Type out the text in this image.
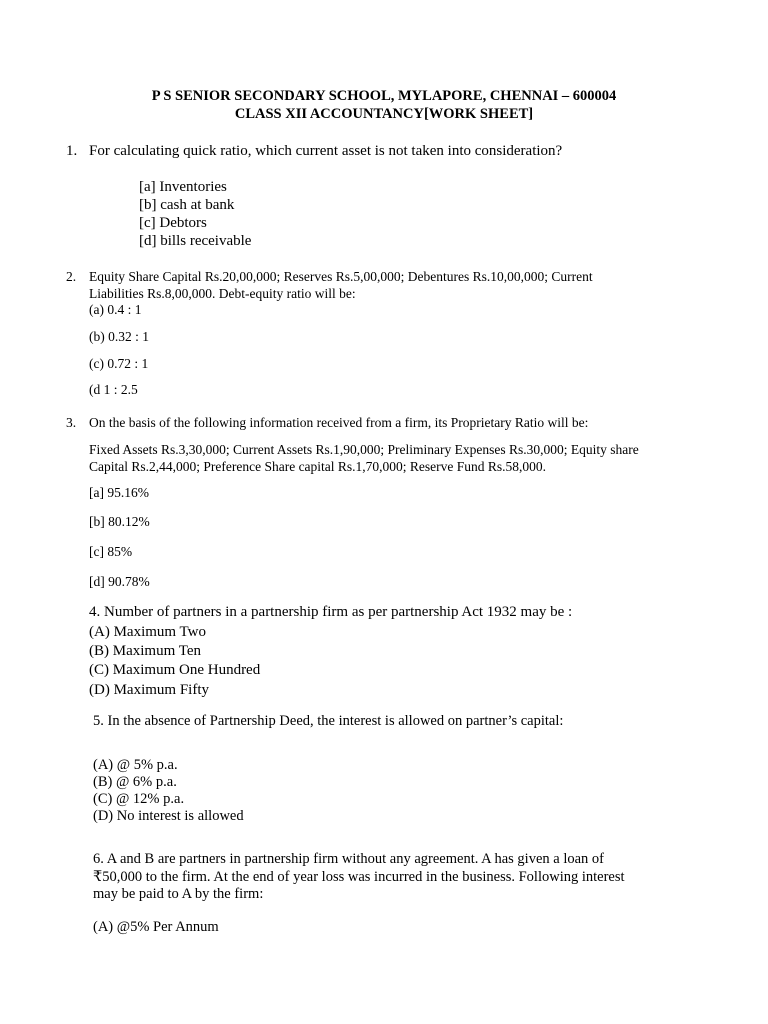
P S SENIOR SECONDARY SCHOOL, MYLAPORE, CHENNAI – 600004
CLASS XII ACCOUNTANCY[WORK SHEET]
1. For calculating quick ratio, which current asset is not taken into consideration?
[a] Inventories
[b] cash at bank
[c] Debtors
[d] bills receivable
2. Equity Share Capital Rs.20,00,000; Reserves Rs.5,00,000; Debentures Rs.10,00,000; Current
Liabilities Rs.8,00,000. Debt-equity ratio will be:
(a) 0.4 : 1
(b) 0.32 : 1
(c) 0.72 : 1
(d 1 : 2.5
3. On the basis of the following information received from a firm, its Proprietary Ratio will be:
Fixed Assets Rs.3,30,000; Current Assets Rs.1,90,000; Preliminary Expenses Rs.30,000; Equity share
Capital Rs.2,44,000; Preference Share capital Rs.1,70,000; Reserve Fund Rs.58,000.
[a] 95.16%
[b] 80.12%
[c] 85%
[d] 90.78%
4. Number of partners in a partnership firm as per partnership Act 1932 may be :
(A) Maximum Two
(B) Maximum Ten
(C) Maximum One Hundred
(D) Maximum Fifty
5. In the absence of Partnership Deed, the interest is allowed on partner’s capital:
(A) @ 5% p.a.
(B) @ 6% p.a.
(C) @ 12% p.a.
(D) No interest is allowed
6. A and B are partners in partnership firm without any agreement. A has given a loan of
₹50,000 to the firm. At the end of year loss was incurred in the business. Following interest
may be paid to A by the firm:
(A) @5% Per Annum
